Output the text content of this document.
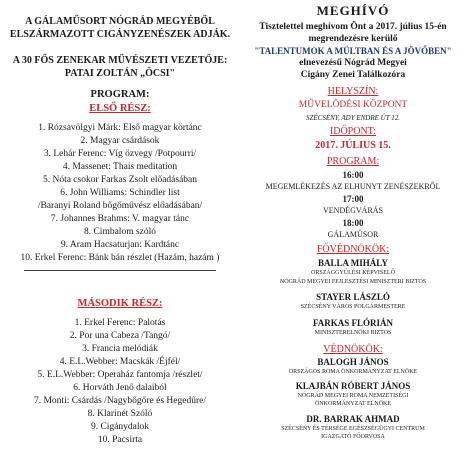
A GÁLAMŰSORT NÓGRÁD MEGYÉBŐL
ELSZÁRMAZOTT CIGÁNYZENÉSZEK ADJÁK.
A 30 FŐS ZENEKAR MŰVÉSZETI VEZETŐJE:
PATAI ZOLTÁN „ÖCSI"
PROGRAM:
ELSŐ RÉSZ:
1. Rózsavölgyi Márk: Első magyar körtánc
2. Magyar csárdások
3. Lehár Ferenc: Víg özvegy /Potpourri/
4. Massenet: Thais meditation
5. Nóta csokor Farkas Zsolt előadásában
6. John Williams: Schindler list
/Baranyi Roland bőgőművész előadásában/
7. Johannes Brahms: V. magyar tánc
8. Cimbalom szóló
9. Aram Hacsaturjan: Kardtánc
10. Erkel Ferenc: Bánk bán részlet (Hazám, hazám )
MÁSODIK RÉSZ:
1. Erkel Ferenc: Palotás
2. Por una Cabeza /Tangó/
3. Francia melódiák
4. E.L.Webber: Macskák /Éjfél/
5. E.L.Webber: Operaház fantomja /részlet/
6. Horváth Jenő dalaiból
7. Monti: Csárdás /Nagybőgőre és Hegedűre/
8. Klarinét Szóló
9. Cigánydalok
10. Pacsirta
MEGHÍVÓ
Tisztelettel meghívom Önt a 2017. július 15-én
megrendezésre kerülő
"TALENTUMOK A MÚLTBAN ÉS A JÖVŐBEN"
elnevezésű Nógrád Megyei
Cigány Zenei Találkozóra
HELYSZÍN:
MŰVELŐDÉSI KÖZPONT
SZÉCSÉNY, ADY ENDRE ÚT 12.
IDŐPONT:
2017. JÚLIUS 15.
PROGRAM:
16:00
MEGEMLÉKEZÉS AZ ELHUNYT ZENÉSZEKRŐL
17:00
VENDÉGVÁRÁS
18:00
GÁLAMŰSOR
FŐVÉDNÖKÖK:
BALLA MIHÁLY
ORSZÁGGYŰLÉSI KÉPVISELŐ
NÓGRÁD MEGYEI FEJLESZTÉSI MINISZTERI BIZTOS
STAYER LÁSZLÓ
SZÉCSÉNY VÁROS POLGÁRMESTERE
FARKAS FLÓRIÁN
MINISZTERELNÖKI BIZTOS
VÉDNÖKÖK:
BALOGH JÁNOS
ORSZÁGOS ROMA ÖNKORMÁNYZAT ELNÖKE
KLAJBÁN RÓBERT JÁNOS
NÓGRÁD MEGYEI ROMA NEMZETISÉGI
ÖNKORMÁNYZAT ELNÖKE
DR. BARRAK AHMAD
SZÉCSÉNY ÉS TÉRSÉGE EGÉSZSÉGÜGYI CENTRUM
IGAZGATÓ FŐORVOSA
